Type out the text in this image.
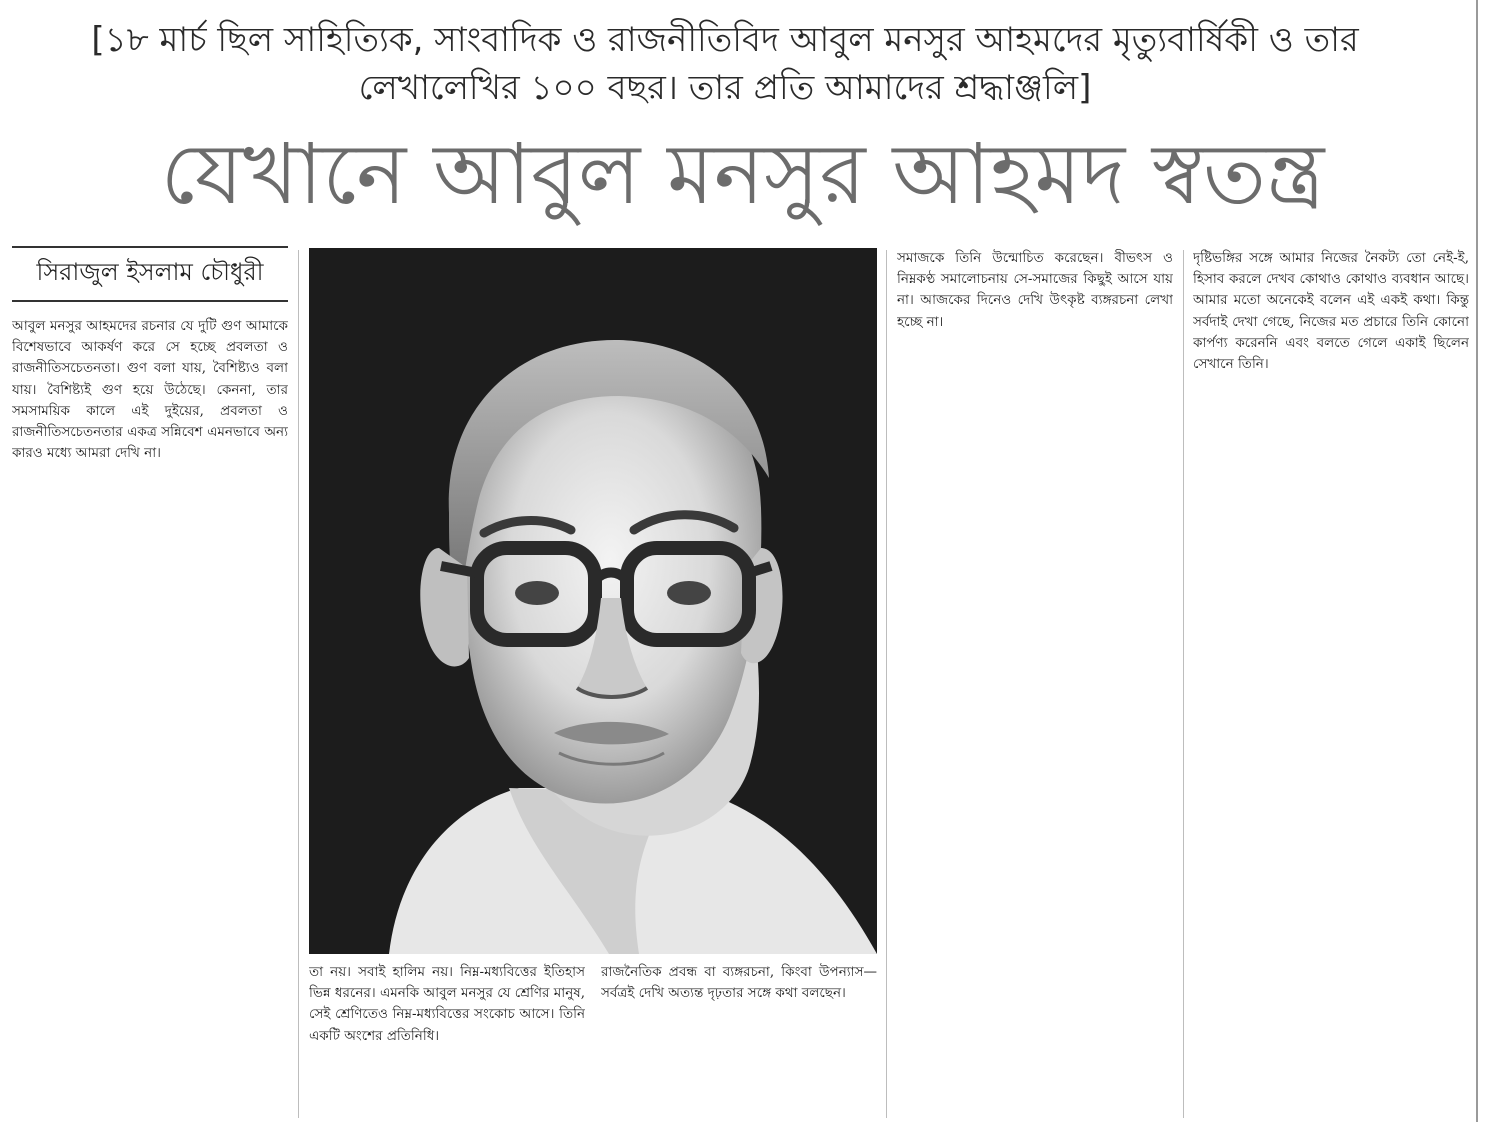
[১৮ মার্চ ছিল সাহিত্যিক, সাংবাদিক ও রাজনীতিবিদ আবুল মনসুর আহমদের মৃত্যুবার্ষিকী ও তার
লেখালেখির ১০০ বছর। তার প্রতি আমাদের শ্রদ্ধাঞ্জলি]
যেখানে আবুল মনসুর আহমদ স্বতন্ত্র
সিরাজুল ইসলাম চৌধুরী

আবুল মনসুর আহমদের রচনার যে দুটি গুণ আমাকে বিশেষভাবে আকর্ষণ করে সে হচ্ছে প্রবলতা ও রাজনীতিসচেতনতা। গুণ বলা যায়, বৈশিষ্ট্যও বলা যায়। বৈশিষ্ট্যই গুণ হয়ে উঠেছে। কেননা, তার সমসাময়িক কালে এই দুইয়ের, প্রবলতা ও রাজনীতিসচেতনতার একত্র সন্নিবেশ এমনভাবে অন্য কারও মধ্যে আমরা দেখি না।

তা নয়। সবাই হালিম নয়। নিম্ন-মধ্যবিত্তের ইতিহাস ভিন্ন ধরনের। এমনকি আবুল মনসুর যে শ্রেণির মানুষ, সেই শ্রেণিতেও নিম্ন-মধ্যবিত্তের সংকোচ আসে। তিনি একটি অংশের প্রতিনিধি।

রাজনৈতিক প্রবন্ধ বা ব্যঙ্গরচনা, কিংবা উপন্যাস— সর্বত্রই দেখি অত্যন্ত দৃঢ়তার সঙ্গে কথা বলছেন।

সমাজকে তিনি উন্মোচিত করেছেন। বীভৎস ও নিম্নকণ্ঠ সমালোচনায় সে-সমাজের কিছুই আসে যায় না। আজকের দিনেও দেখি উৎকৃষ্ট ব্যঙ্গরচনা লেখা হচ্ছে না।

দৃষ্টিভঙ্গির সঙ্গে আমার নিজের নৈকট্য তো নেই-ই, হিসাব করলে দেখব কোথাও কোথাও ব্যবধান আছে। আমার মতো অনেকেই বলেন এই একই কথা। কিন্তু সর্বদাই দেখা গেছে, নিজের মত প্রচারে তিনি কোনো কার্পণ্য করেননি এবং বলতে গেলে একাই ছিলেন সেখানে তিনি।
